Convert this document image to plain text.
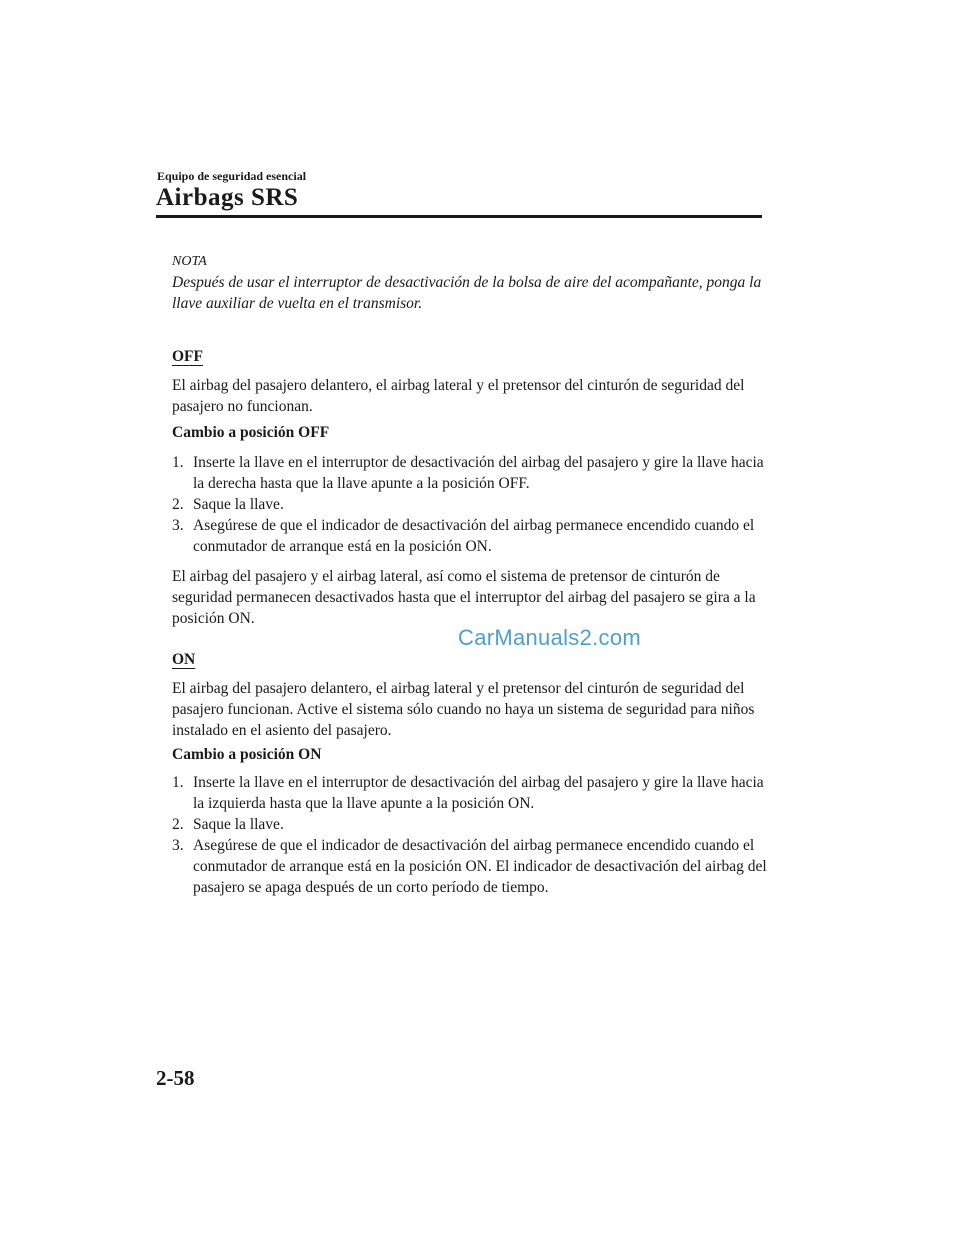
Equipo de seguridad esencial
Airbags SRS
NOTA
Después de usar el interruptor de desactivación de la bolsa de aire del acompañante, ponga la llave auxiliar de vuelta en el transmisor.
OFF
El airbag del pasajero delantero, el airbag lateral y el pretensor del cinturón de seguridad del pasajero no funcionan.
Cambio a posición OFF
1. Inserte la llave en el interruptor de desactivación del airbag del pasajero y gire la llave hacia la derecha hasta que la llave apunte a la posición OFF.
2. Saque la llave.
3. Asegúrese de que el indicador de desactivación del airbag permanece encendido cuando el conmutador de arranque está en la posición ON.
El airbag del pasajero y el airbag lateral, así como el sistema de pretensor de cinturón de seguridad permanecen desactivados hasta que el interruptor del airbag del pasajero se gira a la posición ON.
CarManuals2.com
ON
El airbag del pasajero delantero, el airbag lateral y el pretensor del cinturón de seguridad del pasajero funcionan. Active el sistema sólo cuando no haya un sistema de seguridad para niños instalado en el asiento del pasajero.
Cambio a posición ON
1. Inserte la llave en el interruptor de desactivación del airbag del pasajero y gire la llave hacia la izquierda hasta que la llave apunte a la posición ON.
2. Saque la llave.
3. Asegúrese de que el indicador de desactivación del airbag permanece encendido cuando el conmutador de arranque está en la posición ON. El indicador de desactivación del airbag del pasajero se apaga después de un corto período de tiempo.
2-58
